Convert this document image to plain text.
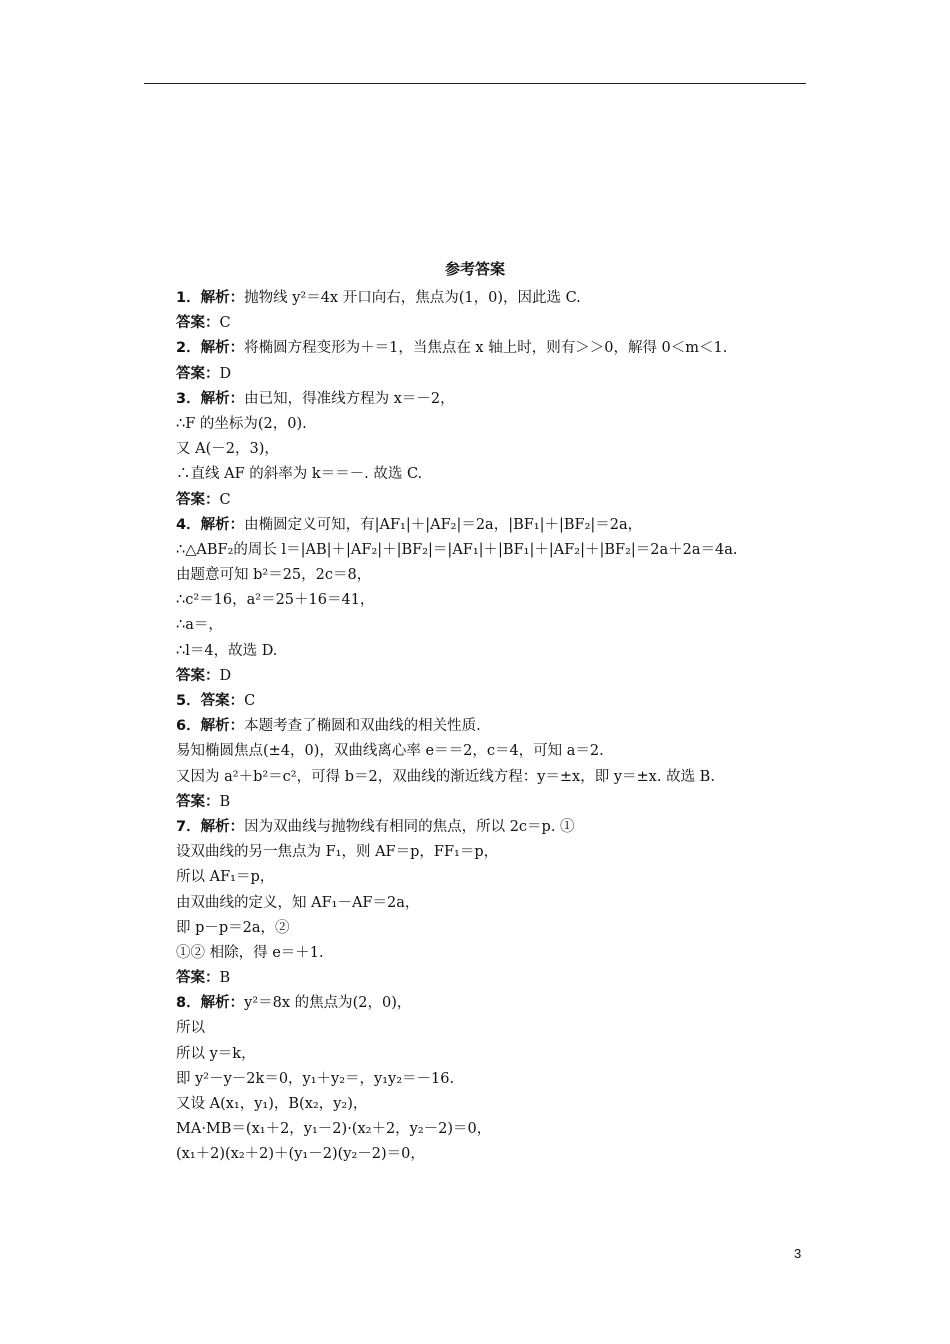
参考答案
1．解析：抛物线 y²＝4x 开口向右，焦点为(1，0)，因此选 C.
答案：C
2．解析：将椭圆方程变形为＋＝1，当焦点在 x 轴上时，则有＞＞0，解得 0＜m＜1.
答案：D
3．解析：由已知，得准线方程为 x＝－2，
∴F 的坐标为(2，0).
又 A(－2，3)，
∴直线 AF 的斜率为 k＝＝－. 故选 C.
答案：C
4．解析：由椭圆定义可知，有|AF₁|＋|AF₂|＝2a，|BF₁|＋|BF₂|＝2a，
∴△ABF₂的周长 l＝|AB|＋|AF₂|＋|BF₂|＝|AF₁|＋|BF₁|＋|AF₂|＋|BF₂|＝2a＋2a＝4a.
由题意可知 b²＝25，2c＝8，
∴c²＝16，a²＝25＋16＝41，
∴a＝，
∴l＝4，故选 D.
答案：D
5．答案：C
6．解析：本题考查了椭圆和双曲线的相关性质.
易知椭圆焦点(±4，0)，双曲线离心率 e＝＝2，c＝4，可知 a＝2.
又因为 a²＋b²＝c²，可得 b＝2，双曲线的渐近线方程：y＝±x，即 y＝±x. 故选 B.
答案：B
7．解析：因为双曲线与抛物线有相同的焦点，所以 2c＝p. ①
设双曲线的另一焦点为 F₁，则 AF＝p，FF₁＝p，
所以 AF₁＝p，
由双曲线的定义，知 AF₁－AF＝2a，
即 p－p＝2a，②
①② 相除，得 e＝＋1.
答案：B
8．解析：y²＝8x 的焦点为(2，0)，
所以
所以 y＝k，
即 y²－y－2k＝0，y₁＋y₂＝，y₁y₂＝－16.
又设 A(x₁，y₁)，B(x₂，y₂)，
MA·MB＝(x₁＋2，y₁－2)·(x₂＋2，y₂－2)＝0，
(x₁＋2)(x₂＋2)＋(y₁－2)(y₂－2)＝0，
3
